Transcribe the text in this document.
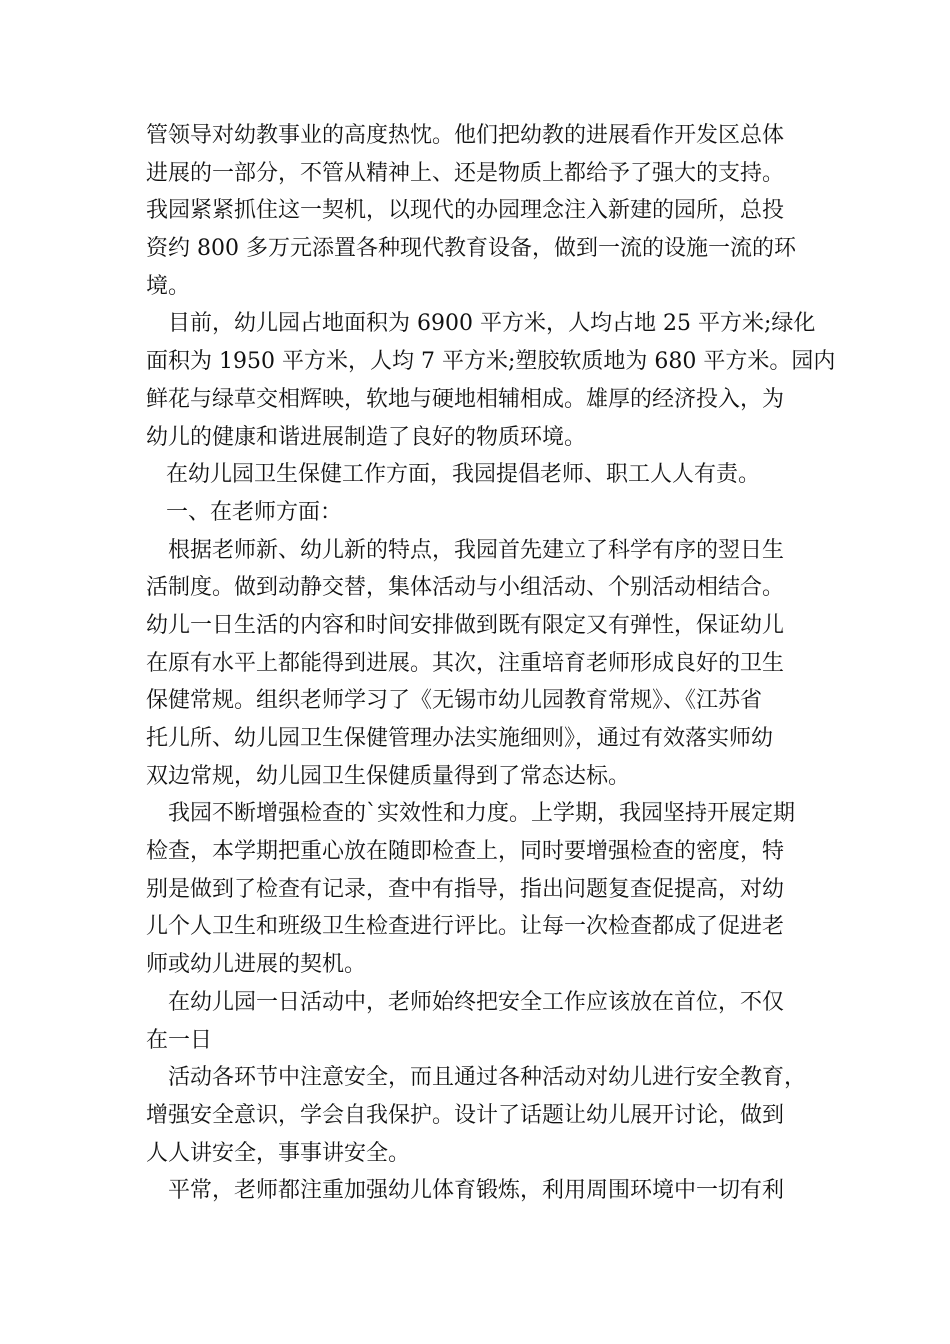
管领导对幼教事业的高度热忱。他们把幼教的进展看作开发区总体
进展的一部分，不管从精神上、还是物质上都给予了强大的支持。
我园紧紧抓住这一契机，以现代的办园理念注入新建的园所，总投
资约 800 多万元添置各种现代教育设备，做到一流的设施一流的环
境。
目前，幼儿园占地面积为 6900 平方米，人均占地 25 平方米;绿化
面积为 1950 平方米，人均 7 平方米;塑胶软质地为 680 平方米。园内
鲜花与绿草交相辉映，软地与硬地相辅相成。雄厚的经济投入，为
幼儿的健康和谐进展制造了良好的物质环境。
在幼儿园卫生保健工作方面，我园提倡老师、职工人人有责。
一、在老师方面：
根据老师新、幼儿新的特点，我园首先建立了科学有序的翌日生
活制度。做到动静交替，集体活动与小组活动、个别活动相结合。
幼儿一日生活的内容和时间安排做到既有限定又有弹性，保证幼儿
在原有水平上都能得到进展。其次，注重培育老师形成良好的卫生
保健常规。组织老师学习了《无锡市幼儿园教育常规》、《江苏省
托儿所、幼儿园卫生保健管理办法实施细则》，通过有效落实师幼
双边常规，幼儿园卫生保健质量得到了常态达标。
我园不断增强检查的`实效性和力度。上学期，我园坚持开展定期
检查，本学期把重心放在随即检查上，同时要增强检查的密度，特
别是做到了检查有记录，查中有指导，指出问题复查促提高，对幼
儿个人卫生和班级卫生检查进行评比。让每一次检查都成了促进老
师或幼儿进展的契机。
在幼儿园一日活动中，老师始终把安全工作应该放在首位，不仅
在一日
活动各环节中注意安全，而且通过各种活动对幼儿进行安全教育，
增强安全意识，学会自我保护。设计了话题让幼儿展开讨论，做到
人人讲安全，事事讲安全。
平常，老师都注重加强幼儿体育锻炼，利用周围环境中一切有利
